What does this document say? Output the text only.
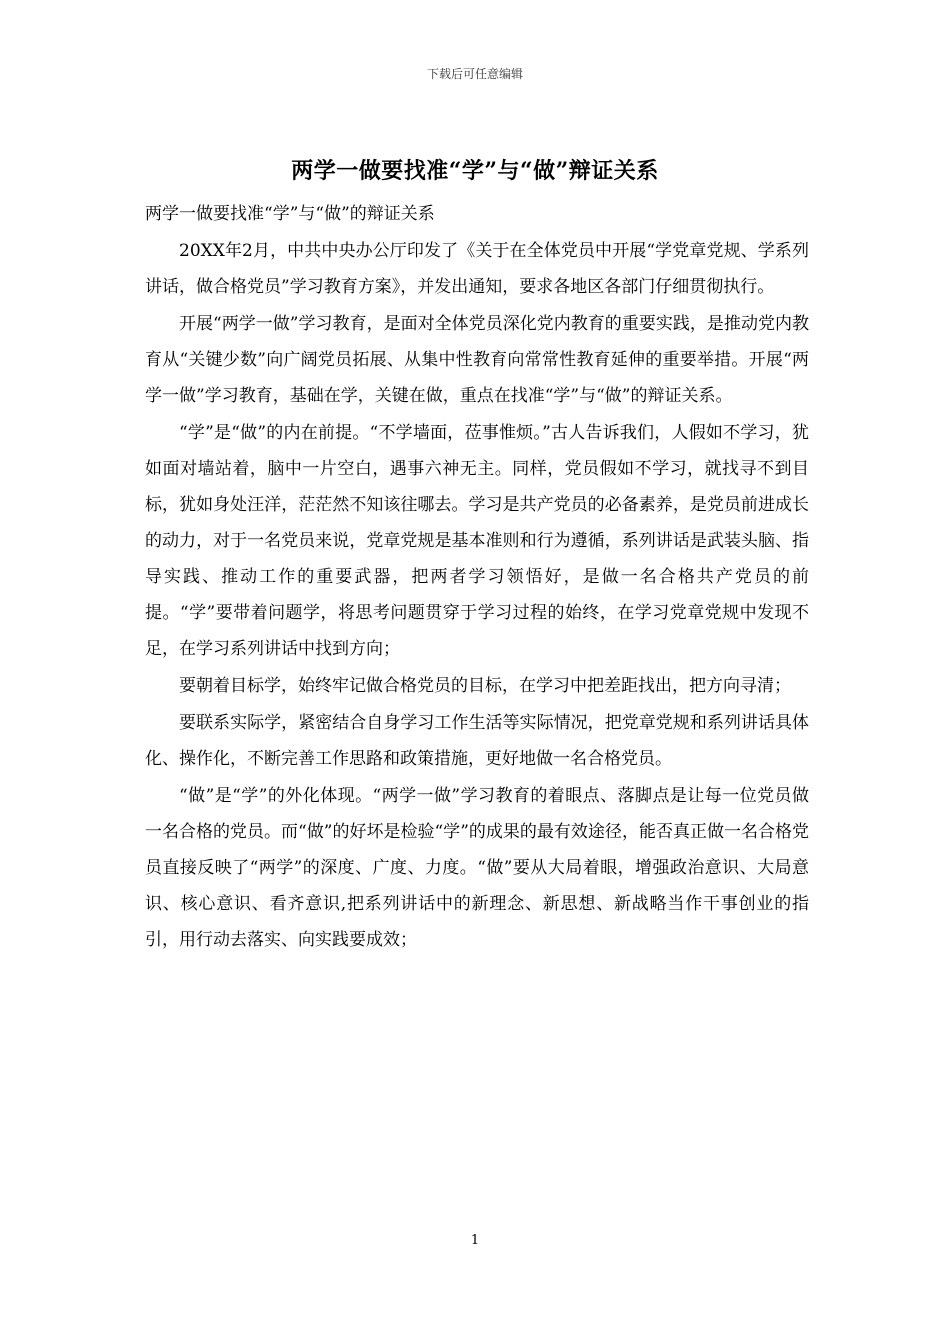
下载后可任意编辑
两学一做要找准“学”与“做”辩证关系

两学一做要找准“学”与“做”的辩证关系

20XX年2月，中共中央办公厅印发了《关于在全体党员中开展“学党章党规、学系列讲话，做合格党员”学习教育方案》，并发出通知，要求各地区各部门仔细贯彻执行。

开展“两学一做”学习教育，是面对全体党员深化党内教育的重要实践，是推动党内教育从“关键少数”向广阔党员拓展、从集中性教育向常常性教育延伸的重要举措。开展“两学一做”学习教育，基础在学，关键在做，重点在找准“学”与“做”的辩证关系。

“学”是“做”的内在前提。“不学墙面，莅事惟烦。”古人告诉我们，人假如不学习，犹如面对墙站着，脑中一片空白，遇事六神无主。同样，党员假如不学习，就找寻不到目标，犹如身处汪洋，茫茫然不知该往哪去。学习是共产党员的必备素养，是党员前进成长的动力，对于一名党员来说，党章党规是基本准则和行为遵循，系列讲话是武装头脑、指导实践、推动工作的重要武器，把两者学习领悟好，是做一名合格共产党员的前提。“学”要带着问题学，将思考问题贯穿于学习过程的始终，在学习党章党规中发现不足，在学习系列讲话中找到方向；

要朝着目标学，始终牢记做合格党员的目标，在学习中把差距找出，把方向寻清；

要联系实际学，紧密结合自身学习工作生活等实际情况，把党章党规和系列讲话具体化、操作化，不断完善工作思路和政策措施，更好地做一名合格党员。

“做”是“学”的外化体现。“两学一做”学习教育的着眼点、落脚点是让每一位党员做一名合格的党员。而“做”的好坏是检验“学”的成果的最有效途径，能否真正做一名合格党员直接反映了“两学”的深度、广度、力度。“做”要从大局着眼，增强政治意识、大局意识、核心意识、看齐意识,把系列讲话中的新理念、新思想、新战略当作干事创业的指引，用行动去落实、向实践要成效；

1
